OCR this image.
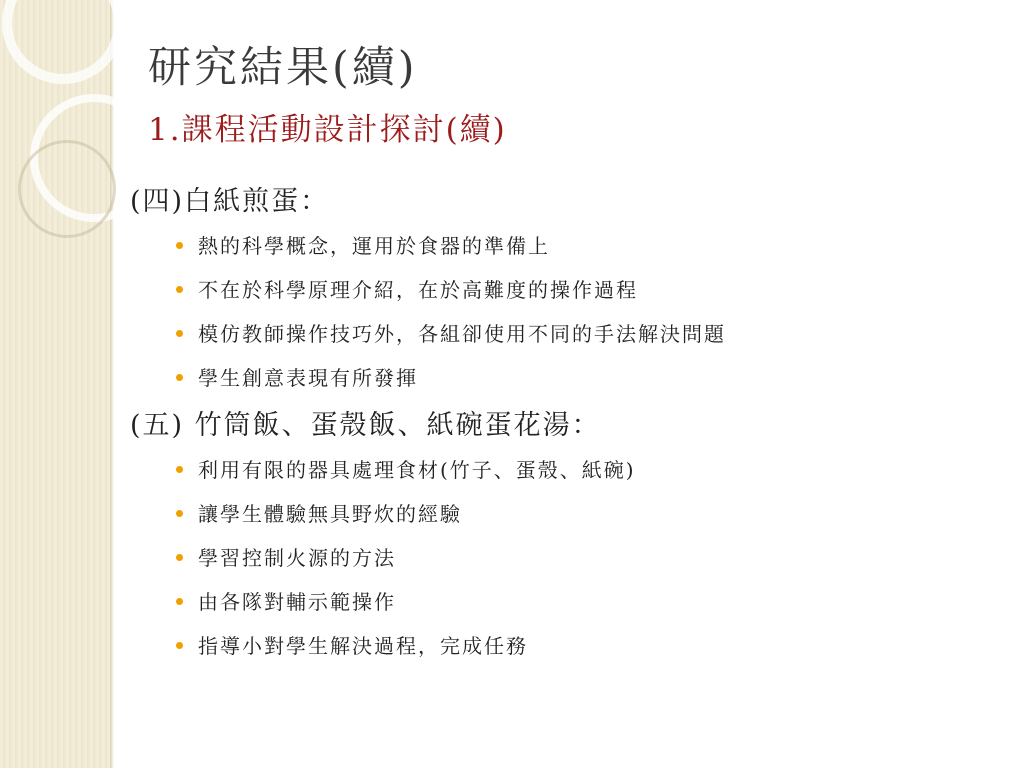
研究結果(續)
1.課程活動設計探討(續)
(四)白紙煎蛋：
熱的科學概念，運用於食器的準備上
不在於科學原理介紹，在於高難度的操作過程
模仿教師操作技巧外，各組卻使用不同的手法解決問題
學生創意表現有所發揮
(五) 竹筒飯、蛋殼飯、紙碗蛋花湯：
利用有限的器具處理食材(竹子、蛋殼、紙碗)
讓學生體驗無具野炊的經驗
學習控制火源的方法
由各隊對輔示範操作
指導小對學生解決過程，完成任務
